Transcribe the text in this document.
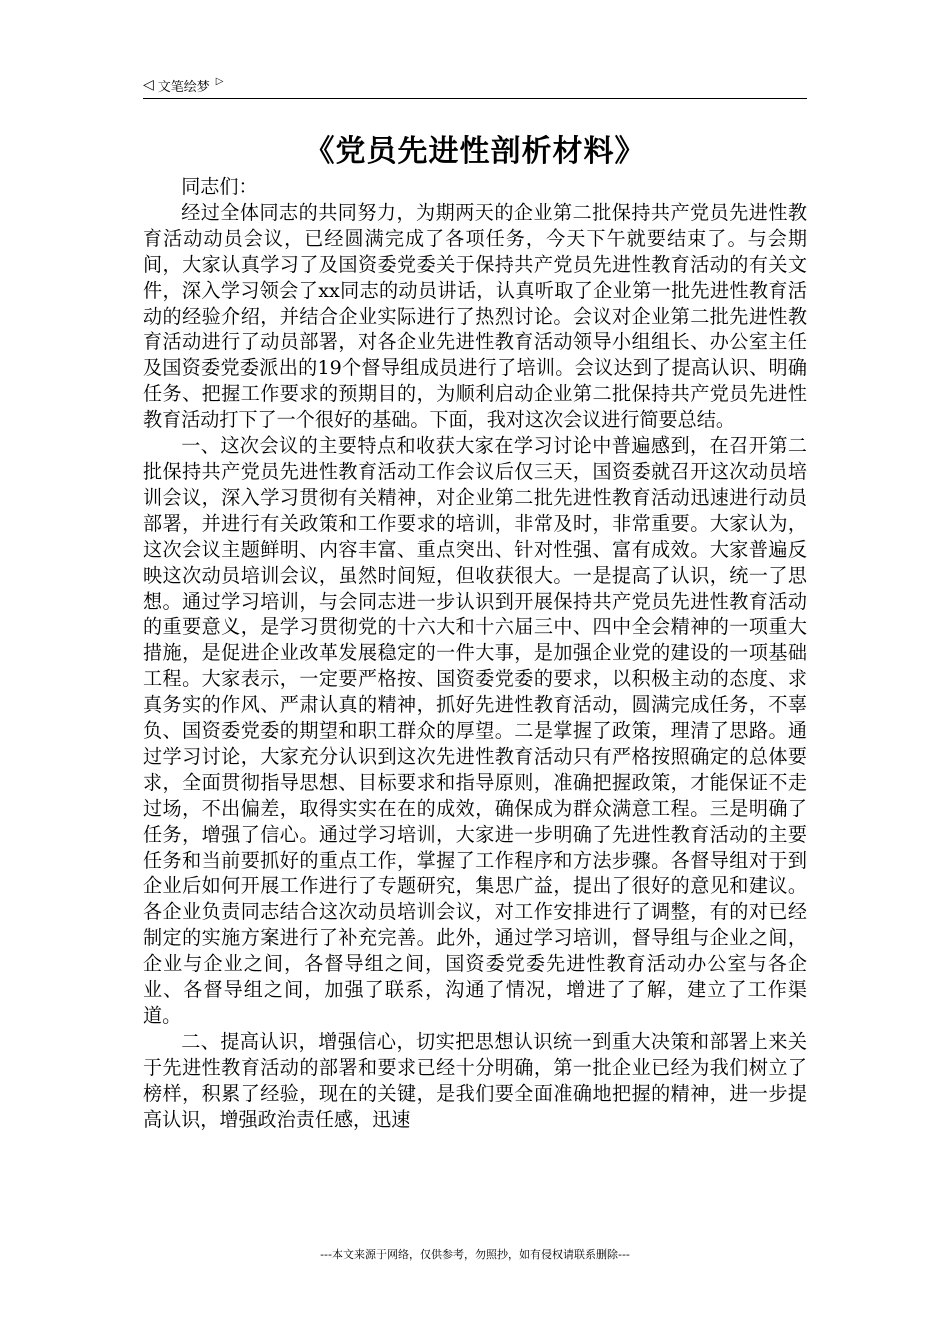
◁ 文笔绘梦 ▷
《党员先进性剖析材料》

同志们：

经过全体同志的共同努力，为期两天的企业第二批保持共产党员先进性教育活动动员会议，已经圆满完成了各项任务，今天下午就要结束了。与会期间，大家认真学习了及国资委党委关于保持共产党员先进性教育活动的有关文件，深入学习领会了xx同志的动员讲话，认真听取了企业第一批先进性教育活动的经验介绍，并结合企业实际进行了热烈讨论。会议对企业第二批先进性教育活动进行了动员部署，对各企业先进性教育活动领导小组组长、办公室主任及国资委党委派出的19个督导组成员进行了培训。会议达到了提高认识、明确任务、把握工作要求的预期目的，为顺利启动企业第二批保持共产党员先进性教育活动打下了一个很好的基础。下面，我对这次会议进行简要总结。

一、这次会议的主要特点和收获大家在学习讨论中普遍感到，在召开第二批保持共产党员先进性教育活动工作会议后仅三天，国资委就召开这次动员培训会议，深入学习贯彻有关精神，对企业第二批先进性教育活动迅速进行动员部署，并进行有关政策和工作要求的培训，非常及时，非常重要。大家认为，这次会议主题鲜明、内容丰富、重点突出、针对性强、富有成效。大家普遍反映这次动员培训会议，虽然时间短，但收获很大。一是提高了认识，统一了思想。通过学习培训，与会同志进一步认识到开展保持共产党员先进性教育活动的重要意义，是学习贯彻党的十六大和十六届三中、四中全会精神的一项重大措施，是促进企业改革发展稳定的一件大事，是加强企业党的建设的一项基础工程。大家表示，一定要严格按、国资委党委的要求，以积极主动的态度、求真务实的作风、严肃认真的精神，抓好先进性教育活动，圆满完成任务，不辜负、国资委党委的期望和职工群众的厚望。二是掌握了政策，理清了思路。通过学习讨论，大家充分认识到这次先进性教育活动只有严格按照确定的总体要求，全面贯彻指导思想、目标要求和指导原则，准确把握政策，才能保证不走过场，不出偏差，取得实实在在的成效，确保成为群众满意工程。三是明确了任务，增强了信心。通过学习培训，大家进一步明确了先进性教育活动的主要任务和当前要抓好的重点工作，掌握了工作程序和方法步骤。各督导组对于到企业后如何开展工作进行了专题研究，集思广益，提出了很好的意见和建议。各企业负责同志结合这次动员培训会议，对工作安排进行了调整，有的对已经制定的实施方案进行了补充完善。此外，通过学习培训，督导组与企业之间，企业与企业之间，各督导组之间，国资委党委先进性教育活动办公室与各企业、各督导组之间，加强了联系，沟通了情况，增进了了解，建立了工作渠道。

二、提高认识，增强信心，切实把思想认识统一到重大决策和部署上来关于先进性教育活动的部署和要求已经十分明确，第一批企业已经为我们树立了榜样，积累了经验，现在的关键，是我们要全面准确地把握的精神，进一步提高认识，增强政治责任感，迅速

---本文来源于网络，仅供参考，勿照抄，如有侵权请联系删除---
